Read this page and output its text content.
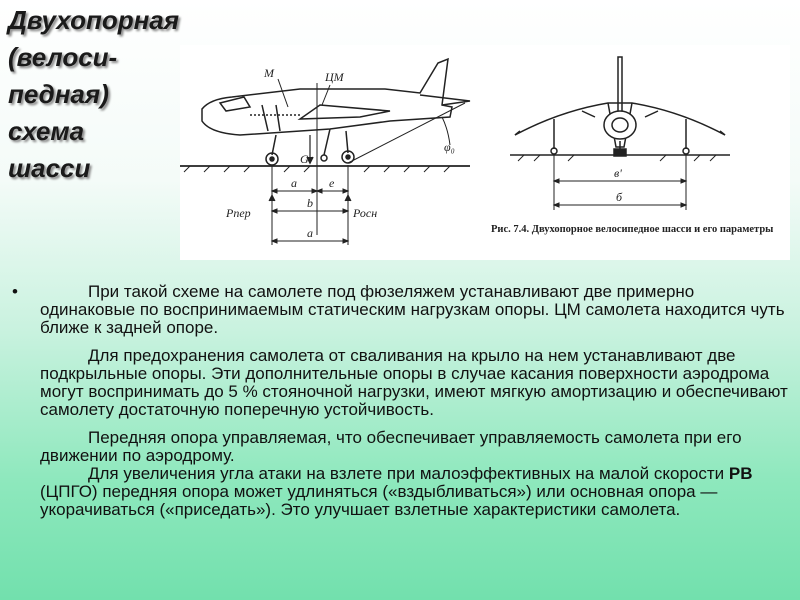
Двухопорная
(велоси-
педная)
схема
шасси
М	ЦМ
G
φ₀
а	е
b
а
Рпер	Росн
в'
б
Рис. 7.4. Двухопорное велосипедное шасси и его параметры
•	При такой схеме на самолете под фюзеляжем устанавливают две примерно одинаковые по воспринимаемым статическим нагрузкам опоры. ЦМ самолета находится чуть ближе к задней опоре.

Для предохранения самолета от сваливания на крыло на нем устанавливают две подкрыльные опоры. Эти дополнительные опоры в случае касания поверхности аэродрома могут воспринимать до 5 % стояночной нагрузки, имеют мягкую амортизацию и обеспечивают самолету достаточную поперечную устойчивость.

Передняя опора управляемая, что обеспечивает управляемость самолета при его движении по аэродрому.

Для увеличения угла атаки на взлете при малоэффективных на малой скорости РВ (ЦПГО) передняя опора может удлиняться («вздыбливаться») или основная опора — укорачиваться («приседать»). Это улучшает взлетные характеристики самолета.
